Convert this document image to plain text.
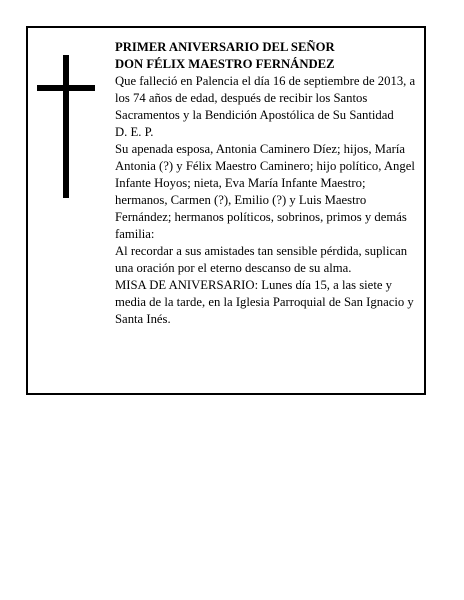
PRIMER ANIVERSARIO DEL SEÑOR

DON FÉLIX MAESTRO FERNÁNDEZ

Que falleció en Palencia el día 16 de septiembre de 2013, a los 74 años de edad, después de recibir los Santos Sacramentos y la Bendición Apostólica de Su Santidad

D. E. P.

Su apenada esposa, Antonia Caminero Díez; hijos, María Antonia (?) y Félix Maestro Caminero; hijo político, Angel Infante Hoyos; nieta, Eva María Infante Maestro; hermanos, Carmen (?), Emilio (?) y Luis Maestro Fernández; hermanos políticos, sobrinos, primos y demás familia:

Al recordar a sus amistades tan sensible pérdida, suplican una oración por el eterno descanso de su alma.

MISA DE ANIVERSARIO: Lunes día 15, a las siete y media de la tarde, en la Iglesia Parroquial de San Ignacio y Santa Inés.
